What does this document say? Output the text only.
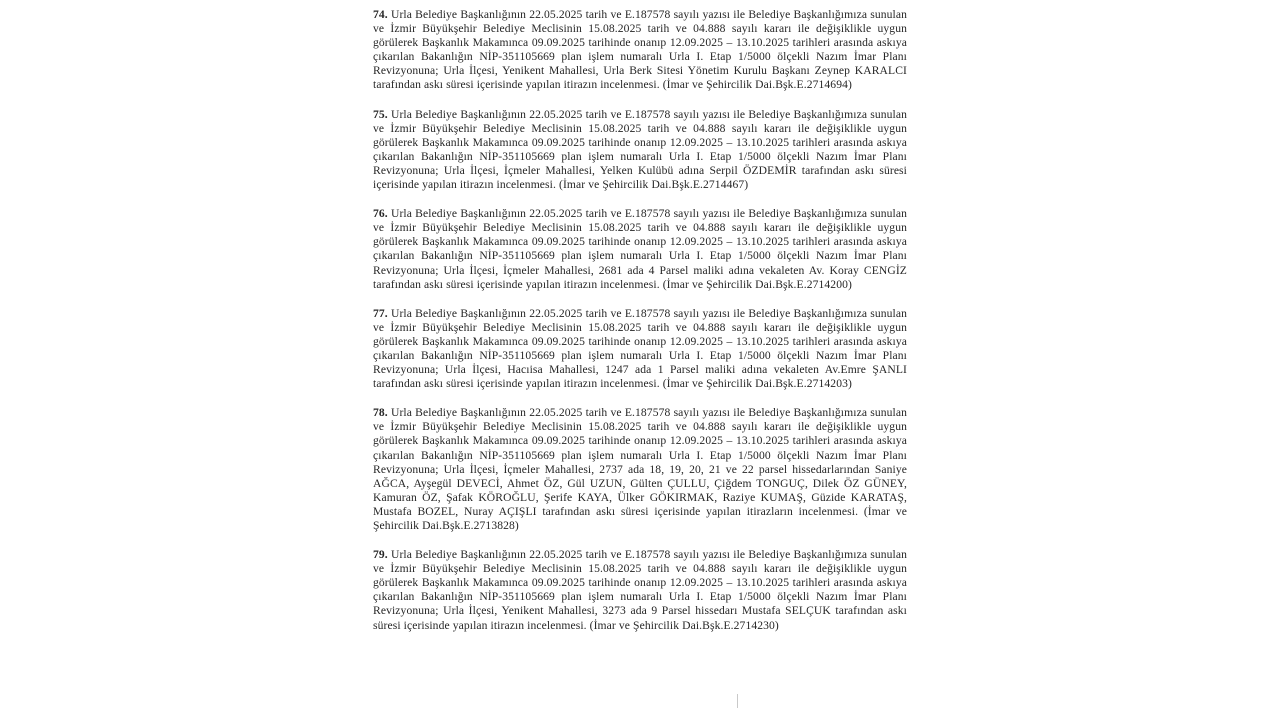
74. Urla Belediye Başkanlığının 22.05.2025 tarih ve E.187578 sayılı yazısı ile Belediye Başkanlığımıza sunulan ve İzmir Büyükşehir Belediye Meclisinin 15.08.2025 tarih ve 04.888 sayılı kararı ile değişiklikle uygun görülerek Başkanlık Makamınca 09.09.2025 tarihinde onanıp 12.09.2025 – 13.10.2025 tarihleri arasında askıya çıkarılan Bakanlığın NİP-351105669 plan işlem numaralı Urla I. Etap 1/5000 ölçekli Nazım İmar Planı Revizyonuna; Urla İlçesi, Yenikent Mahallesi, Urla Berk Sitesi Yönetim Kurulu Başkanı Zeynep KARALCI tarafından askı süresi içerisinde yapılan itirazın incelenmesi. (İmar ve Şehircilik Dai.Bşk.E.2714694)

75. Urla Belediye Başkanlığının 22.05.2025 tarih ve E.187578 sayılı yazısı ile Belediye Başkanlığımıza sunulan ve İzmir Büyükşehir Belediye Meclisinin 15.08.2025 tarih ve 04.888 sayılı kararı ile değişiklikle uygun görülerek Başkanlık Makamınca 09.09.2025 tarihinde onanıp 12.09.2025 – 13.10.2025 tarihleri arasında askıya çıkarılan Bakanlığın NİP-351105669 plan işlem numaralı Urla I. Etap 1/5000 ölçekli Nazım İmar Planı Revizyonuna; Urla İlçesi, İçmeler Mahallesi, Yelken Kulübü adına Serpil ÖZDEMİR tarafından askı süresi içerisinde yapılan itirazın incelenmesi. (İmar ve Şehircilik Dai.Bşk.E.2714467)

76. Urla Belediye Başkanlığının 22.05.2025 tarih ve E.187578 sayılı yazısı ile Belediye Başkanlığımıza sunulan ve İzmir Büyükşehir Belediye Meclisinin 15.08.2025 tarih ve 04.888 sayılı kararı ile değişiklikle uygun görülerek Başkanlık Makamınca 09.09.2025 tarihinde onanıp 12.09.2025 – 13.10.2025 tarihleri arasında askıya çıkarılan Bakanlığın NİP-351105669 plan işlem numaralı Urla I. Etap 1/5000 ölçekli Nazım İmar Planı Revizyonuna; Urla İlçesi, İçmeler Mahallesi, 2681 ada 4 Parsel maliki adına vekaleten Av. Koray CENGİZ tarafından askı süresi içerisinde yapılan itirazın incelenmesi. (İmar ve Şehircilik Dai.Bşk.E.2714200)

77. Urla Belediye Başkanlığının 22.05.2025 tarih ve E.187578 sayılı yazısı ile Belediye Başkanlığımıza sunulan ve İzmir Büyükşehir Belediye Meclisinin 15.08.2025 tarih ve 04.888 sayılı kararı ile değişiklikle uygun görülerek Başkanlık Makamınca 09.09.2025 tarihinde onanıp 12.09.2025 – 13.10.2025 tarihleri arasında askıya çıkarılan Bakanlığın NİP-351105669 plan işlem numaralı Urla I. Etap 1/5000 ölçekli Nazım İmar Planı Revizyonuna; Urla İlçesi, Hacıisa Mahallesi, 1247 ada 1 Parsel maliki adına vekaleten Av.Emre ŞANLI tarafından askı süresi içerisinde yapılan itirazın incelenmesi. (İmar ve Şehircilik Dai.Bşk.E.2714203)

78. Urla Belediye Başkanlığının 22.05.2025 tarih ve E.187578 sayılı yazısı ile Belediye Başkanlığımıza sunulan ve İzmir Büyükşehir Belediye Meclisinin 15.08.2025 tarih ve 04.888 sayılı kararı ile değişiklikle uygun görülerek Başkanlık Makamınca 09.09.2025 tarihinde onanıp 12.09.2025 – 13.10.2025 tarihleri arasında askıya çıkarılan Bakanlığın NİP-351105669 plan işlem numaralı Urla I. Etap 1/5000 ölçekli Nazım İmar Planı Revizyonuna; Urla İlçesi, İçmeler Mahallesi, 2737 ada 18, 19, 20, 21 ve 22 parsel hissedarlarından Saniye AĞCA, Ayşegül DEVECİ, Ahmet ÖZ, Gül UZUN, Gülten ÇULLU, Çiğdem TONGUÇ, Dilek ÖZ GÜNEY, Kamuran ÖZ, Şafak KÖROĞLU, Şerife KAYA, Ülker GÖKIRMAK, Raziye KUMAŞ, Güzide KARATAŞ, Mustafa BOZEL, Nuray AÇIŞLI tarafından askı süresi içerisinde yapılan itirazların incelenmesi. (İmar ve Şehircilik Dai.Bşk.E.2713828)

79. Urla Belediye Başkanlığının 22.05.2025 tarih ve E.187578 sayılı yazısı ile Belediye Başkanlığımıza sunulan ve İzmir Büyükşehir Belediye Meclisinin 15.08.2025 tarih ve 04.888 sayılı kararı ile değişiklikle uygun görülerek Başkanlık Makamınca 09.09.2025 tarihinde onanıp 12.09.2025 – 13.10.2025 tarihleri arasında askıya çıkarılan Bakanlığın NİP-351105669 plan işlem numaralı Urla I. Etap 1/5000 ölçekli Nazım İmar Planı Revizyonuna; Urla İlçesi, Yenikent Mahallesi, 3273 ada 9 Parsel hissedarı Mustafa SELÇUK tarafından askı süresi içerisinde yapılan itirazın incelenmesi. (İmar ve Şehircilik Dai.Bşk.E.2714230)
